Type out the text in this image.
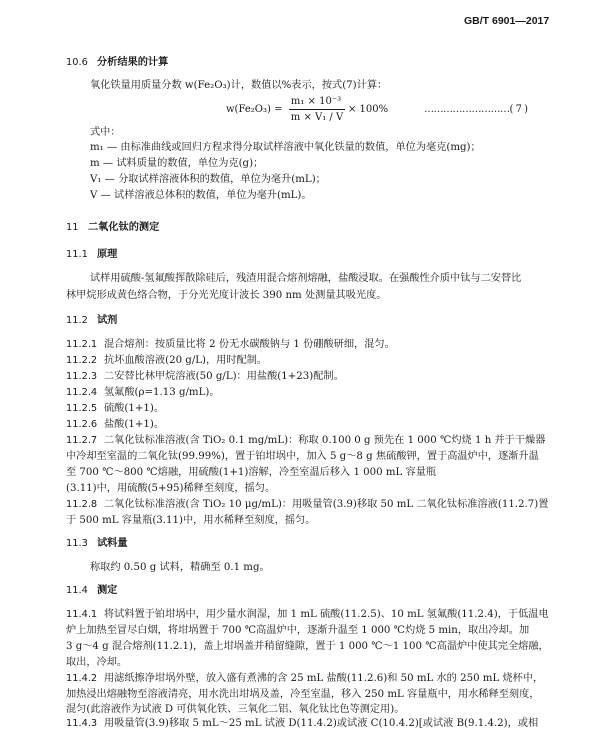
GB/T 6901—2017
10.6 分析结果的计算
氧化铁量用质量分数 w(Fe₂O₃)计，数值以%表示，按式(7)计算：
w(Fe₂O₃) =
m₁ × 10⁻³
m × V₁ / V
× 100%	………………………( 7 )
式中：
m₁ — 由标准曲线或回归方程求得分取试样溶液中氧化铁量的数值，单位为毫克(mg)；
m — 试料质量的数值，单位为克(g)；
V₁ — 分取试样溶液体积的数值，单位为毫升(mL)；
V — 试样溶液总体积的数值，单位为毫升(mL)。
11 二氧化钛的测定
11.1 原理
试样用硫酸-氢氟酸挥散除硅后，残渣用混合熔剂熔融，盐酸浸取。在强酸性介质中钛与二安替比
林甲烷形成黄色络合物，于分光光度计波长 390 nm 处测量其吸光度。
11.2 试剂
11.2.1 混合熔剂：按质量比将 2 份无水碳酸钠与 1 份硼酸研细，混匀。
11.2.2 抗坏血酸溶液(20 g/L)，用时配制。
11.2.3 二安替比林甲烷溶液(50 g/L)：用盐酸(1+23)配制。
11.2.4 氢氟酸(ρ=1.13 g/mL)。
11.2.5 硫酸(1+1)。
11.2.6 盐酸(1+1)。
11.2.7 二氧化钛标准溶液(含 TiO₂ 0.1 mg/mL)：称取 0.100 0 g 预先在 1 000 ℃灼烧 1 h 并于干燥器
中冷却至室温的二氧化钛(99.99%)，置于铂坩埚中，加入 5 g～8 g 焦硫酸钾，置于高温炉中，逐渐升温
至 700 ℃～800 ℃熔融，用硫酸(1+1)溶解，冷至室温后移入 1 000 mL 容量瓶
(3.11)中，用硫酸(5+95)稀释至刻度，摇匀。
11.2.8 二氧化钛标准溶液(含 TiO₂ 10 μg/mL)：用吸量管(3.9)移取 50 mL 二氧化钛标准溶液(11.2.7)置
于 500 mL 容量瓶(3.11)中，用水稀释至刻度，摇匀。
11.3 试料量
称取约 0.50 g 试料，精确至 0.1 mg。
11.4 测定
11.4.1 将试料置于铂坩埚中，用少量水润湿，加 1 mL 硫酸(11.2.5)、10 mL 氢氟酸(11.2.4)，于低温电
炉上加热至冒尽白烟，将坩埚置于 700 ℃高温炉中，逐渐升温至 1 000 ℃灼烧 5 min，取出冷却。加
3 g～4 g 混合熔剂(11.2.1)，盖上坩埚盖并稍留缝隙，置于 1 000 ℃～1 100 ℃高温炉中使其完全熔融，
取出，冷却。
11.4.2 用滤纸擦净坩埚外壁，放入盛有煮沸的含 25 mL 盐酸(11.2.6)和 50 mL 水的 250 mL 烧杯中，
加热浸出熔融物至溶液清亮，用水洗出坩埚及盖，冷至室温，移入 250 mL 容量瓶中，用水稀释至刻度，
混匀(此溶液作为试液 D 可供氧化铁、三氧化二铝、氧化钛比色等测定用)。
11.4.3 用吸量管(3.9)移取 5 mL～25 mL 试液 D(11.4.2)或试液 C(10.4.2)[或试液 B(9.1.4.2)，或相
